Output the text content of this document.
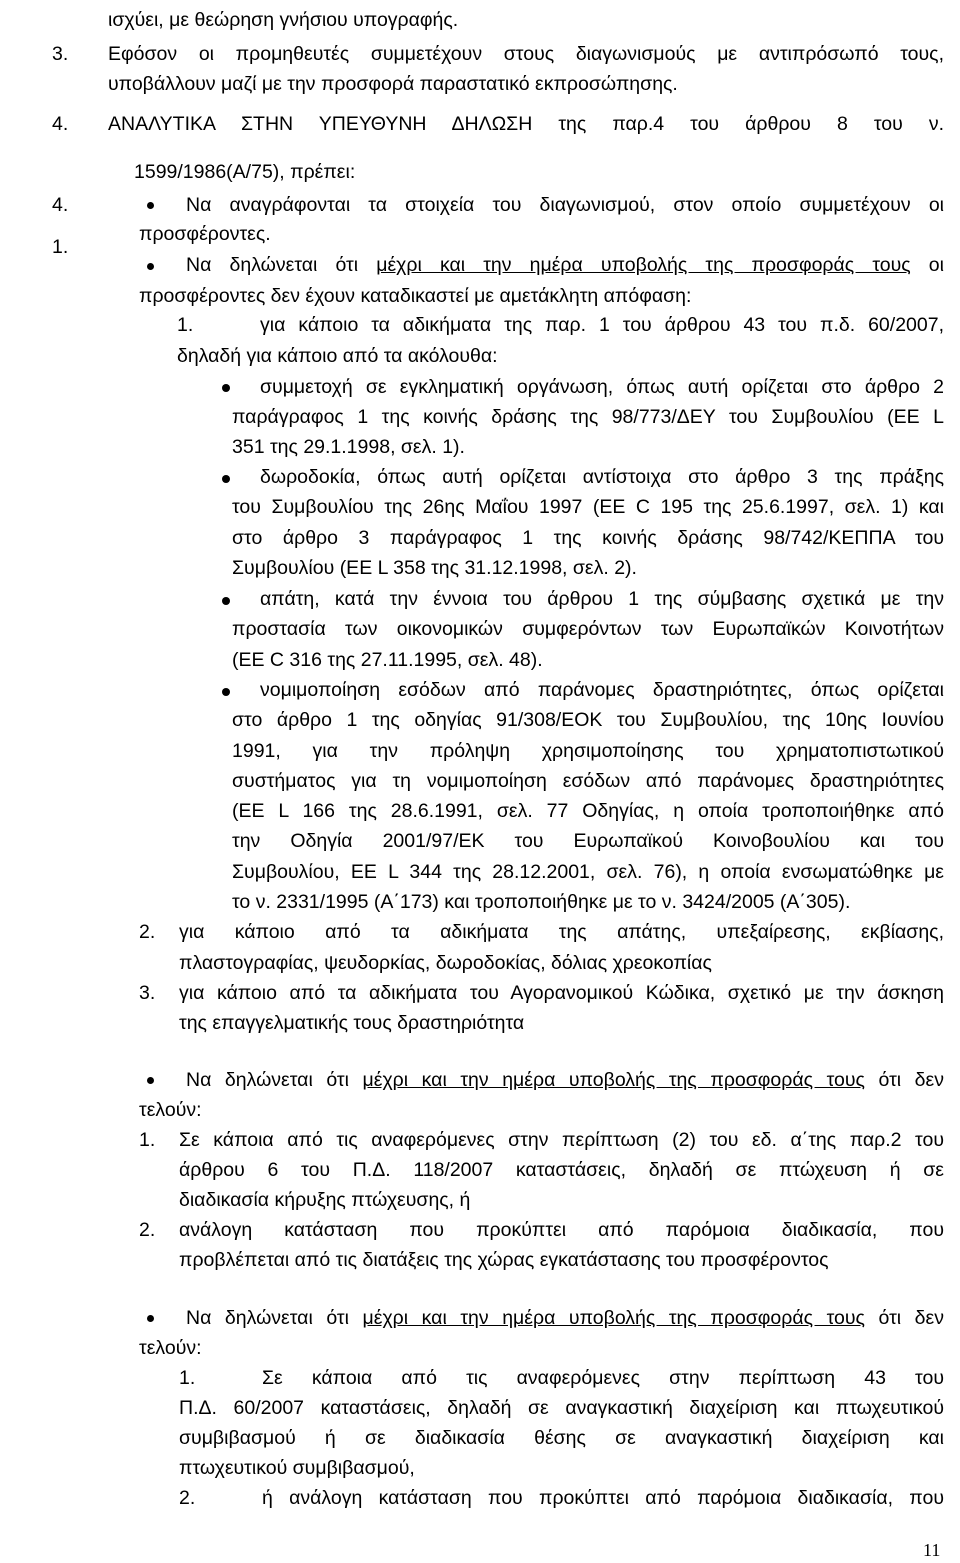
ισχύει, με θεώρηση γνήσιου υπογραφής.
3. Εφόσον οι προμηθευτές συμμετέχουν στους διαγωνισμούς με αντιπρόσωπό τους,
υποβάλλουν μαζί με την προσφορά παραστατικό εκπροσώπησης.
4. ΑΝΑΛΥΤΙΚΑ ΣΤΗΝ ΥΠΕΥΘΥΝΗ ΔΗΛΩΣΗ της παρ.4 του άρθρου 8 του ν.
1599/1986(Α/75), πρέπει:
4.
1.
Να αναγράφονται τα στοιχεία του διαγωνισμού, στον οποίο συμμετέχουν οι
προσφέροντες.
Να δηλώνεται ότι μέχρι και την ημέρα υποβολής της προσφοράς τους οι
προσφέροντες δεν έχουν καταδικαστεί με αμετάκλητη απόφαση:
1.	για κάποιο τα αδικήματα της παρ. 1 του άρθρου 43 του π.δ. 60/2007,
δηλαδή για κάποιο από τα ακόλουθα:
συμμετοχή σε εγκληματική οργάνωση, όπως αυτή ορίζεται στο άρθρο 2
παράγραφος 1 της κοινής δράσης της 98/773/ΔΕΥ του Συμβουλίου (ΕΕ L
351 της 29.1.1998, σελ. 1).
δωροδοκία, όπως αυτή ορίζεται αντίστοιχα στο άρθρο 3 της πράξης
του Συμβουλίου της 26ης Μαΐου 1997 (ΕΕ C 195 της 25.6.1997, σελ. 1) και
στο άρθρο 3 παράγραφος 1 της κοινής δράσης 98/742/ΚΕΠΠΑ του
Συμβουλίου (ΕΕ L 358 της 31.12.1998, σελ. 2).
απάτη, κατά την έννοια του άρθρου 1 της σύμβασης σχετικά με την
προστασία των οικονομικών συμφερόντων των Ευρωπαϊκών Κοινοτήτων
(ΕΕ C 316 της 27.11.1995, σελ. 48).
νομιμοποίηση εσόδων από παράνομες δραστηριότητες, όπως ορίζεται
στο άρθρο 1 της οδηγίας 91/308/ΕΟΚ του Συμβουλίου, της 10ης Ιουνίου
1991, για την πρόληψη χρησιμοποίησης του χρηματοπιστωτικού
συστήματος για τη νομιμοποίηση εσόδων από παράνομες δραστηριότητες
(ΕΕ L 166 της 28.6.1991, σελ. 77 Οδηγίας, η οποία τροποποιήθηκε από
την Οδηγία 2001/97/ΕΚ του Ευρωπαϊκού Κοινοβουλίου και του
Συμβουλίου, ΕΕ L 344 της 28.12.2001, σελ. 76), η οποία ενσωματώθηκε με
το ν. 2331/1995 (Α΄173) και τροποποιήθηκε με το ν. 3424/2005 (Α΄305).
2. για κάποιο από τα αδικήματα της απάτης, υπεξαίρεσης, εκβίασης,
πλαστογραφίας, ψευδορκίας, δωροδοκίας, δόλιας χρεοκοπίας
3. για κάποιο από τα αδικήματα του Αγορανομικού Κώδικα, σχετικό με την άσκηση
της επαγγελματικής τους δραστηριότητα
Να δηλώνεται ότι μέχρι και την ημέρα υποβολής της προσφοράς τους ότι δεν
τελούν:
1. Σε κάποια από τις αναφερόμενες στην περίπτωση (2) του εδ. α΄της παρ.2 του
άρθρου 6 του Π.Δ. 118/2007 καταστάσεις, δηλαδή σε πτώχευση ή σε
διαδικασία κήρυξης πτώχευσης, ή
2. ανάλογη κατάσταση που προκύπτει από παρόμοια διαδικασία, που
προβλέπεται από τις διατάξεις της χώρας εγκατάστασης του προσφέροντος
Να δηλώνεται ότι μέχρι και την ημέρα υποβολής της προσφοράς τους ότι δεν
τελούν:
1.	Σε κάποια από τις αναφερόμενες στην περίπτωση 43 του
Π.Δ. 60/2007 καταστάσεις, δηλαδή σε αναγκαστική διαχείριση και πτωχευτικού
συμβιβασμού ή σε διαδικασία θέσης σε αναγκαστική διαχείριση και
πτωχευτικού συμβιβασμού,
2.	ή ανάλογη κατάσταση που προκύπτει από παρόμοια διαδικασία, που
11
